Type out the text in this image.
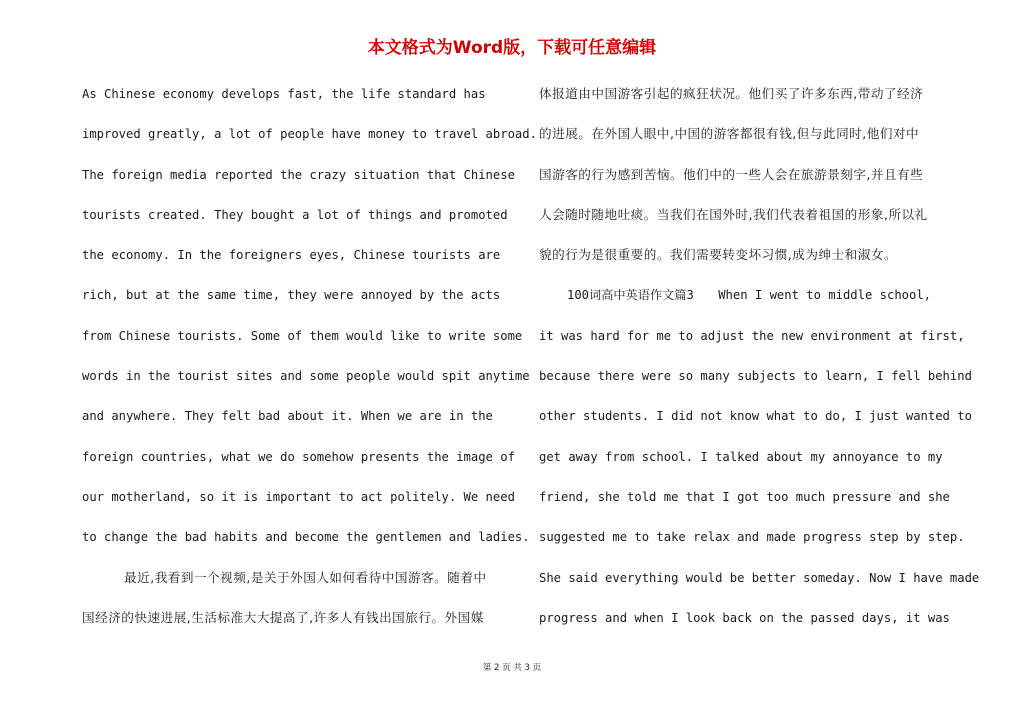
本文格式为Word版，下载可任意编辑
As Chinese economy develops fast, the life standard has
improved greatly, a lot of people have money to travel abroad.
The foreign media reported the crazy situation that Chinese
tourists created. They bought a lot of things and promoted
the economy. In the foreigners eyes, Chinese tourists are
rich, but at the same time, they were annoyed by the acts
from Chinese tourists. Some of them would like to write some
words in the tourist sites and some people would spit anytime
and anywhere. They felt bad about it. When we are in the
foreign countries, what we do somehow presents the image of
our motherland, so it is important to act politely. We need
to change the bad habits and become the gentlemen and ladies.
最近,我看到一个视频,是关于外国人如何看待中国游客。随着中
国经济的快速进展,生活标准大大提高了,许多人有钱出国旅行。外国媒
体报道由中国游客引起的疯狂状况。他们买了许多东西,带动了经济
的进展。在外国人眼中,中国的游客都很有钱,但与此同时,他们对中
国游客的行为感到苦恼。他们中的一些人会在旅游景刻字,并且有些
人会随时随地吐痰。当我们在国外时,我们代表着祖国的形象,所以礼
貌的行为是很重要的。我们需要转变坏习惯,成为绅士和淑女。
100词高中英语作文篇3　　When I went to middle school,
it was hard for me to adjust the new environment at first,
because there were so many subjects to learn, I fell behind
other students. I did not know what to do, I just wanted to
get away from school. I talked about my annoyance to my
friend, she told me that I got too much pressure and she
suggested me to take relax and made progress step by step.
She said everything would be better someday. Now I have made
progress and when I look back on the passed days, it was
第 2 页 共 3 页
